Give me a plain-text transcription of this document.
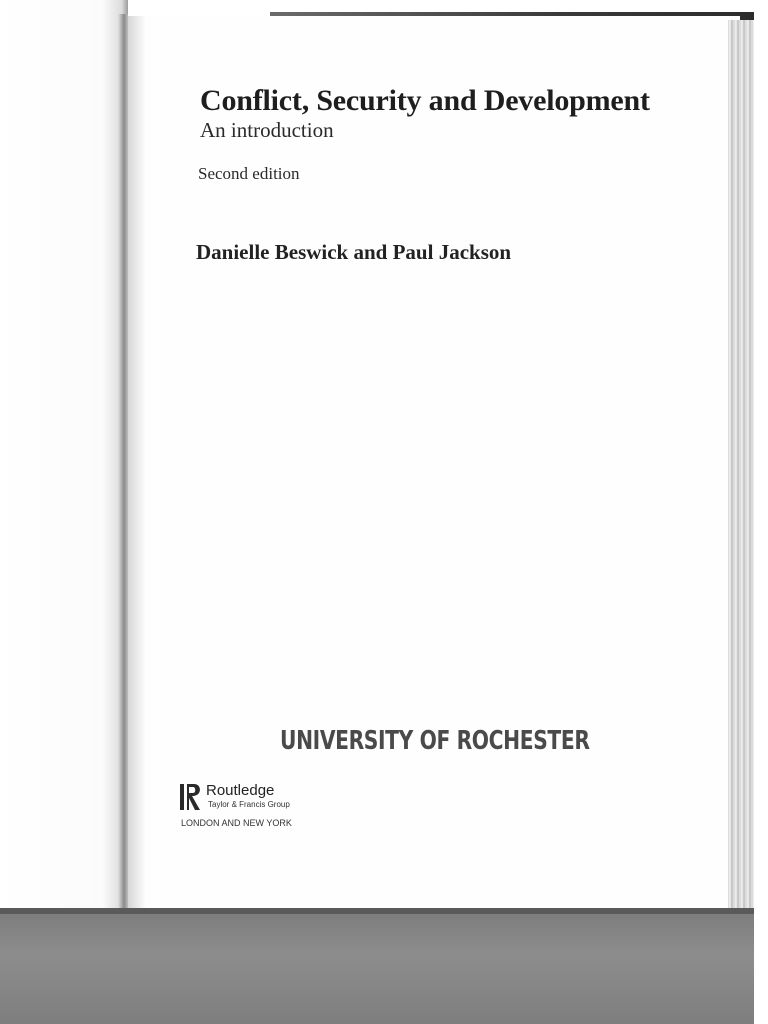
Conflict, Security and Development
An introduction
Second edition
Danielle Beswick and Paul Jackson
UNIVERSITY OF ROCHESTER
Routledge
Taylor & Francis Group
LONDON AND NEW YORK
